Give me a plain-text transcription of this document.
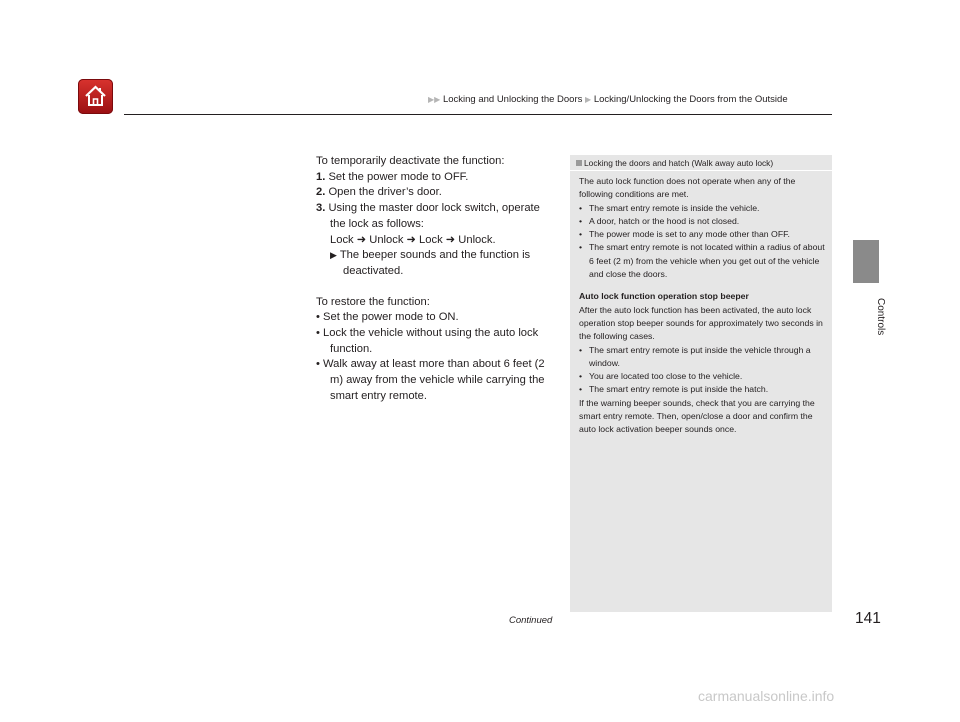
▶▶ Locking and Unlocking the Doors ▶ Locking/Unlocking the Doors from the Outside
Controls

To temporarily deactivate the function:

1. Set the power mode to OFF.

2. Open the driver’s door.

3. Using the master door lock switch, operate the lock as follows:

Lock ➜ Unlock ➜ Lock ➜ Unlock.

▶ The beeper sounds and the function is deactivated.

To restore the function:

• Set the power mode to ON.

• Lock the vehicle without using the auto lock function.

• Walk away at least more than about 6 feet (2 m) away from the vehicle while carrying the smart entry remote.

Locking the doors and hatch (Walk away auto lock)

The auto lock function does not operate when any of the following conditions are met.

• The smart entry remote is inside the vehicle.

• A door, hatch or the hood is not closed.

• The power mode is set to any mode other than OFF.

• The smart entry remote is not located within a radius of about 6 feet (2 m) from the vehicle when you get out of the vehicle and close the doors.

Auto lock function operation stop beeper

After the auto lock function has been activated, the auto lock operation stop beeper sounds for approximately two seconds in the following cases.

• The smart entry remote is put inside the vehicle through a window.

• You are located too close to the vehicle.

• The smart entry remote is put inside the hatch.

If the warning beeper sounds, check that you are carrying the smart entry remote. Then, open/close a door and confirm the auto lock activation beeper sounds once.

Continued	141
carmanualsonline.info
